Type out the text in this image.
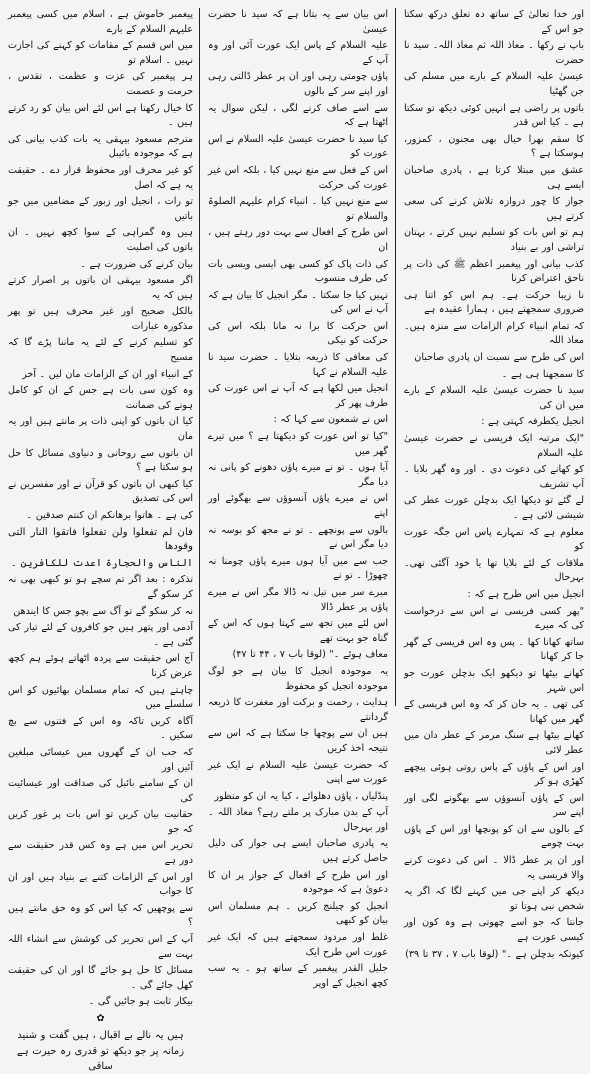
اور خدا تعالیٰ کے ساتھ دہ تعلق درکھ سکتا جو اس کے

باپ نے رکھا ۔ معاذ اللہ ثم معاذ اللہ۔ سید نا حضرت

عیسیٰ علیہ السلام کے بارے میں مسلم کی جن گھٹیا

باتوں پر راضی ہے انہیں کوئی دیکھ تو سکتا ہے ۔ کیا اس قدر

کا سقم بھرا خیال بھی مجنون ، کمزور، ہوسکتا ہے ؟

عشق میں مبتلا کرتا ہے ، پادری صاحبان ایسے ہی

جواز کا چور دروازہ تلاش کرنے کی سعی کرتے ہیں

ہم تو اس بات کو تسلیم نہیں کرتے ، بہتان تراشی اور بے بنیاد

کذب بیانی اور پیغمبر اعظم ﷺ کی ذات پر ناحق اعتراض کرنا

نا زیبا حرکت ہے۔ ہم اس کو اتنا ہی ضروری سمجھتے ہیں ، ہمارا عقیدہ ہے

کہ تمام انبیاء کرام الزامات سے منزہ ہیں۔ معاذ اللہ

اس کی طرح سے نسبت ان پادری صاحبان

کا سمجھنا ہی ہے ۔

سید نا حضرت عیسیٰ علیہ السلام کے بارے میں ان کی

انجیل یکطرفہ کہتی ہے :

"ایک مرتبہ ایک فریسی نے حضرت عیسیٰ علیہ السلام

کو کھانے کی دعوت دی ۔ اور وہ گھر بلایا ۔ آپ تشریف

لے گئے تو دیکھا ایک بدچلن عورت عطر کی شیشی لائی ہے ۔

معلوم ہے کہ تمہارے پاس اس جگہ عورت کو

ملاقات کے لئے بلایا تھا یا خود آگئی تھی۔ بہرحال

انجیل میں اس طرح ہے کہ :

"پھر کسی فریسی نے اس سے درخواست کی کہ میرے

ساتھ کھانا کھا ۔ پس وہ اس فریسی کے گھر جا کر کھانا

کھانے بیٹھا تو دیکھو ایک بدچلن عورت جو اس شہر

کی تھی ۔ یہ جان کر کہ وہ اس فریسی کے گھر میں کھانا

کھانے بیٹھا ہے سنگ مرمر کے عطر دان میں عطر لائی

اور اس کے پاؤں کے پاس روتی ہوئی پیچھے کھڑی ہو کر

اس کے پاؤں آنسوؤں سے بھگونے لگی اور اپنے سر

کے بالوں سے ان کو پونچھا اور اس کے پاؤں بہت چومے

اور ان پر عطر ڈالا ۔ اس کی دعوت کرنے والا فریسی یہ

دیکھ کر اپنے جی میں کہنے لگا کہ اگر یہ شخص نبی ہوتا تو

جانتا کہ جو اسے چھوتی ہے وہ کون اور کیسی عورت ہے

کیونکہ بدچلن ہے ۔" (لوقا باب ۷ ، ۳۷ تا ۳۹)

اس بیان سے یہ بتانا ہے کہ سید نا حضرت عیسیٰ

علیہ السلام کے پاس ایک عورت آئی اور وہ آپ کے

پاؤں چومتی رہی اور ان پر عطر ڈالتی رہی اور اپنے سر کے بالوں

سے اسے صاف کرنے لگی ، لیکن سوال یہ اٹھتا ہے کہ

کیا سید نا حضرت عیسیٰ علیہ السلام نے اس عورت کو

اس کے فعل سے منع نہیں کیا ، بلکہ اس غیر عورت کی حرکت

سے منع نہیں کیا ۔ انبیاء کرام علیہم الصلوۃ والسلام تو

اس طرح کے افعال سے بہت دور رہتے ہیں ، ان

کی ذات پاک کو کسی بھی ایسی ویسی بات کی طرف منسوب

نہیں کیا جا سکتا ۔ مگر انجیل کا بیان ہے کہ آپ نے اس کی

اس حرکت کا برا نہ مانا بلکہ اس کی حرکت کو نیکی

کی معافی کا ذریعہ بتلایا ۔ حضرت سید نا علیہ السلام نے کہا

انجیل میں لکھا ہے کہ آپ نے اس عورت کی طرف پھر کر

اس نے شمعون سے کہا کہ :

"کیا تو اس عورت کو دیکھتا ہے ؟ میں تیرے گھر میں

آیا ہوں ۔ تو نے میرے پاؤں دھونے کو پانی نہ دیا مگر

اس نے میرے پاؤں آنسوؤں سے بھگوئے اور اپنے

بالوں سے پونچھے ۔ تو نے مجھ کو بوسہ نہ دیا مگر اس نے

جب سے میں آیا ہوں میرے پاؤں چومنا نہ چھوڑا ۔ تو نے

میرے سر میں تیل نہ ڈالا مگر اس نے میرے پاؤں پر عطر ڈالا

اس لئے میں تجھ سے کہتا ہوں کہ اس کے گناہ جو بہت تھے

معاف ہوئے ۔" (لوقا باب ۷ ، ۴۴ تا ۴۷)

یہ موجودہ انجیل کا بیان ہے جو لوگ موجودہ انجیل کو محفوظ

ہدایت ، رحمت و برکت اور مغفرت کا ذریعہ گردانتے

ہیں ان سے پوچھا جا سکتا ہے کہ اس سے نتیجہ اخذ کریں

کہ حضرت عیسیٰ علیہ السلام نے ایک غیر عورت سے اپنی

پنڈلیاں ، پاؤں دھلوائے ، کیا یہ ان کو منظور

آپ کے بدن مبارک پر ملتے رہے؟ معاذ اللہ ۔ اور بہرحال

یہ پادری صاحبان ایسے ہی جواز کی دلیل حاصل کرتے ہیں

اور اس طرح کے افعال کے جواز پر ان کا دعویٰ ہے کہ موجودہ

انجیل کو چیلنج کریں ۔ ہم مسلمان اس بیان کو کبھی

غلط اور مردود سمجھتے ہیں کہ ایک غیر عورت اس طرح ایک

جلیل القدر پیغمبر کے ساتھ ہو ۔ یہ سب کچھ انجیل کے اوپر

پیغمبر خاموش ہے ، اسلام میں کسی پیغمبر علیہم السلام کے بارے

میں اس قسم کے مقامات کو کہنے کی اجازت نہیں ۔ اسلام تو

ہر پیغمبر کی عزت و عظمت ، تقدس ، حرمت و عصمت

کا خیال رکھتا ہے اس لئے اس بیان کو رد کرتے ہیں ۔

مترجم مسعود بیہقی یہ بات کذب بیانی کی ہے کہ موجودہ بائیبل

کو غیر محرف اور محفوظ قرار دے ۔ حقیقت یہ ہے کہ اصل

تو رات ، انجیل اور زبور کے مضامین میں جو باتیں

ہیں وہ گمراہی کے سوا کچھ نہیں ۔ ان باتوں کی اصلیت

بیان کرنے کی ضرورت ہے ۔

اگر مسعود بیہقی ان باتوں پر اصرار کرتے ہیں کہ یہ

بالکل صحیح اور غیر محرف ہیں تو پھر مذکورہ عبارات

کو تسلیم کرنے کے لئے یہ ماننا پڑے گا کہ مسیح

کے انبیاء اور ان کے الزامات مان لیں ۔ آخر

وہ کون سی بات ہے جس کے ان کو کامل ہونے کی ضمانت

کیا ان باتوں کو اپنی ذات پر مانتے ہیں اور یہ مان

ان باتوں سے روحانی و دنیاوی مسائل کا حل ہو سکتا ہے ؟

کیا کبھی ان باتوں کو قرآن نے اور مفسرین نے اس کی تصدیق

کی ہے ۔ ھاتوا برھانکم ان کنتم صدقین ۔

فان لم تفعلوا ولن تفعلوا فاتقوا النار التی وقودھا

الناس والحجارۃ اعدت للکافرین ۔

تذکرہ : بعد اگر تم سچے ہو تو کبھی بھی نہ کر سکو گے

نہ کر سکو گے تو آگ سے بچو جس کا ایندھن

آدمی اور پتھر ہیں جو کافروں کے لئے تیار کی گئی ہے ۔

آج اس حقیقت سے پردہ اٹھاتے ہوئے ہم کچھ عرض کرنا

چاہتے ہیں کہ تمام مسلمان بھائیوں کو اس سلسلے میں

آگاہ کریں تاکہ وہ اس کے فتنوں سے بچ سکیں ۔

کہ جب ان کے گھروں میں عیسائی مبلغین آئیں اور

ان کے سامنے بائبل کی صداقت اور عیسائیت کی

حقانیت بیان کریں تو اس بات پر غور کریں کہ جو

تحریر اس میں ہے وہ کس قدر حقیقت سے دور ہے

اور اس کے الزامات کتنے بے بنیاد ہیں اور ان کا جواب

سے پوچھیں کہ کیا اس کو وہ حق مانتے ہیں ؟

آپ کے اس تحریر کی کوشش سے انشاء اللہ بہت سے

مسائل کا حل ہو جائے گا اور ان کی حقیقت کھل جائے گی ۔

بیکار ثابت ہو جائیں گی ۔

✿

ہیں یہ نالے بے اقبال ، ہیں گفت و شنید

زمانہ پر جو دیکھ تو قدری رہ حیرت ہے ساقی
